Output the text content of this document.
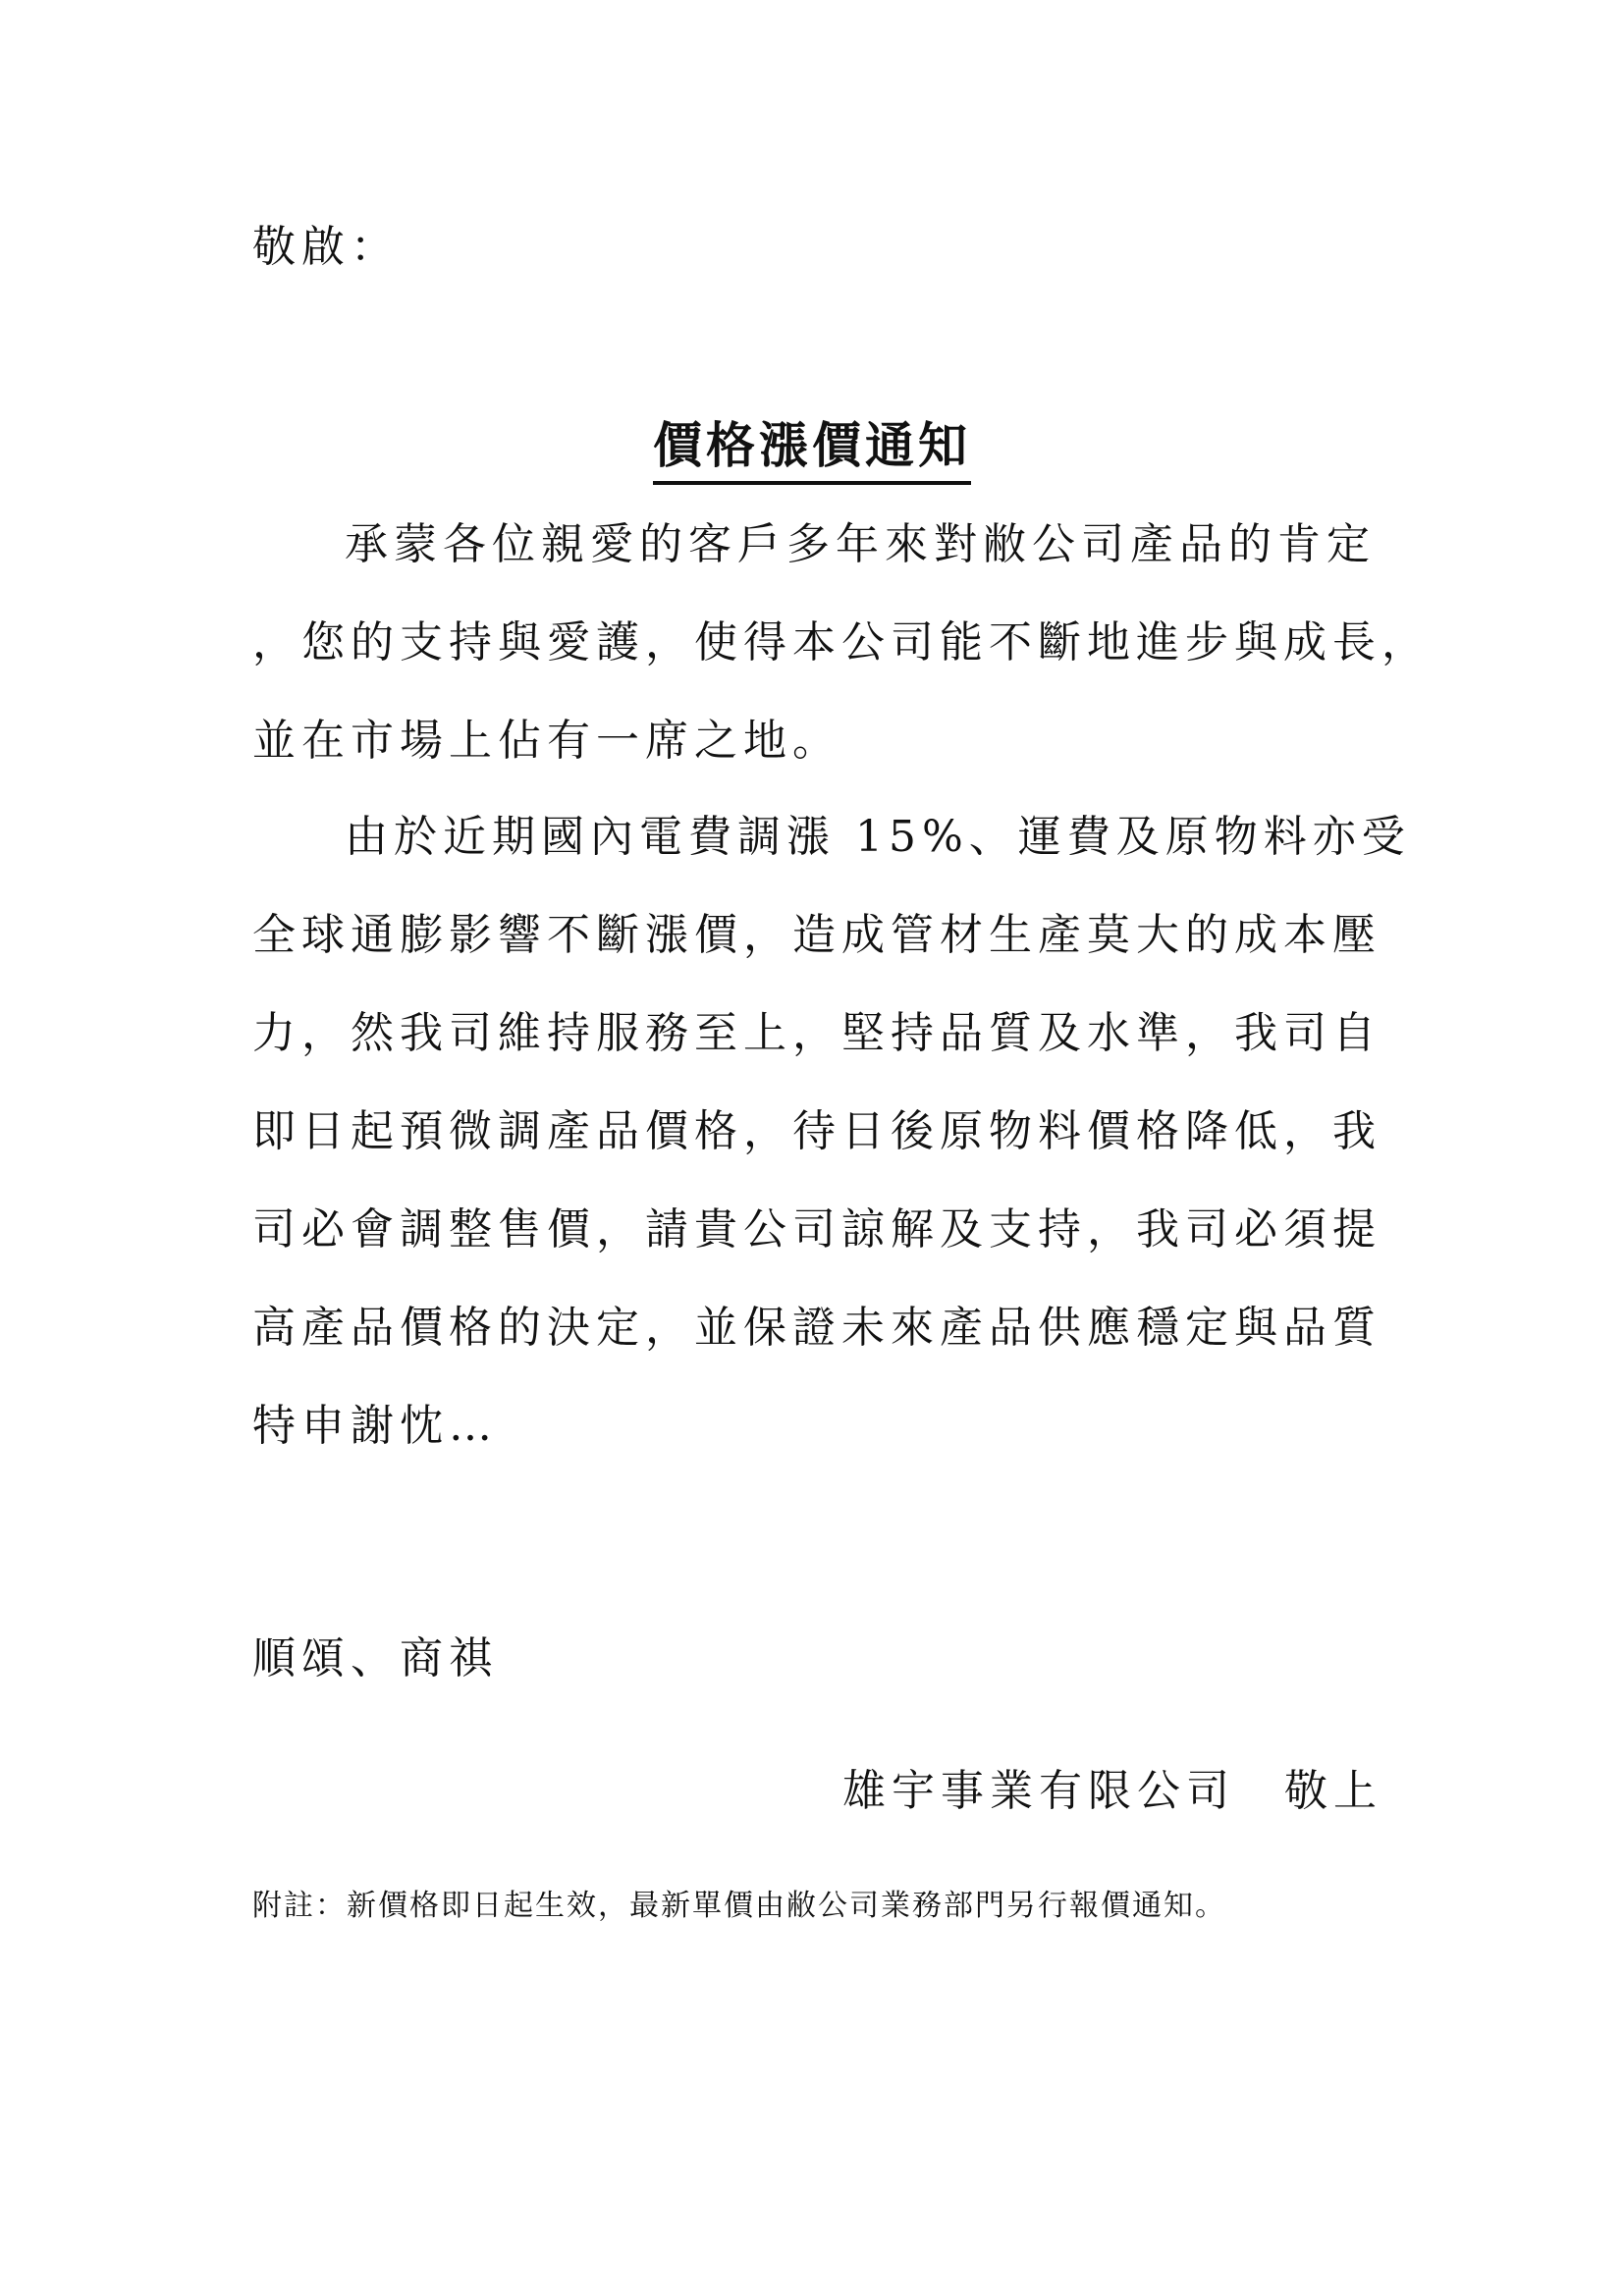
敬啟：
價格漲價通知
承蒙各位親愛的客戶多年來對敝公司產品的肯定
，您的支持與愛護，使得本公司能不斷地進步與成長，
並在市場上佔有一席之地。
由於近期國內電費調漲 15%、運費及原物料亦受
全球通膨影響不斷漲價，造成管材生產莫大的成本壓
力，然我司維持服務至上，堅持品質及水準，我司自
即日起預微調產品價格，待日後原物料價格降低，我
司必會調整售價，請貴公司諒解及支持，我司必須提
高產品價格的決定，並保證未來產品供應穩定與品質
特申謝忱…
順頌、商祺
雄宇事業有限公司 敬上
附註：新價格即日起生效，最新單價由敝公司業務部門另行報價通知。
